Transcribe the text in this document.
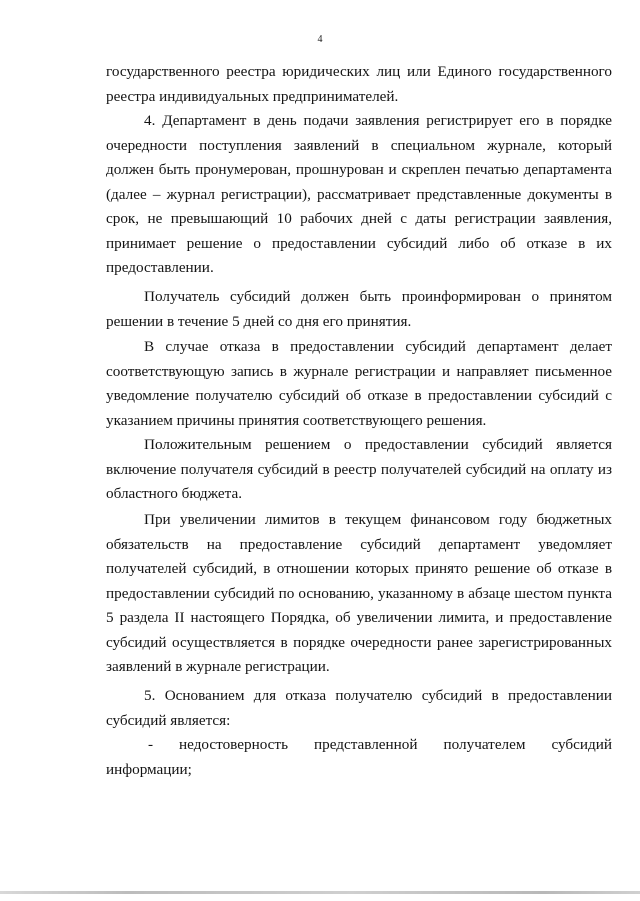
4

государственного реестра юридических лиц или Единого государственного реестра индивидуальных предпринимателей.

4. Департамент в день подачи заявления регистрирует его в порядке очередности поступления заявлений в специальном журнале, который должен быть пронумерован, прошнурован и скреплен печатью департамента (далее – журнал регистрации), рассматривает представленные документы в срок, не превышающий 10 рабочих дней с даты регистрации заявления, принимает решение о предоставлении субсидий либо об отказе в их предоставлении.

Получатель субсидий должен быть проинформирован о принятом решении в течение 5 дней со дня его принятия.

В случае отказа в предоставлении субсидий департамент делает соответствующую запись в журнале регистрации и направляет письменное уведомление получателю субсидий об отказе в предоставлении субсидий с указанием причины принятия соответствующего решения.

Положительным решением о предоставлении субсидий является включение получателя субсидий в реестр получателей субсидий на оплату из областного бюджета.

При увеличении лимитов в текущем финансовом году бюджетных обязательств на предоставление субсидий департамент уведомляет получателей субсидий, в отношении которых принято решение об отказе в предоставлении субсидий по основанию, указанному в абзаце шестом пункта 5 раздела II настоящего Порядка, об увеличении лимита, и предоставление субсидий осуществляется в порядке очередности ранее зарегистрированных заявлений в журнале регистрации.

5. Основанием для отказа получателю субсидий в предоставлении субсидий является:

- недостоверность представленной получателем субсидий
информации;
